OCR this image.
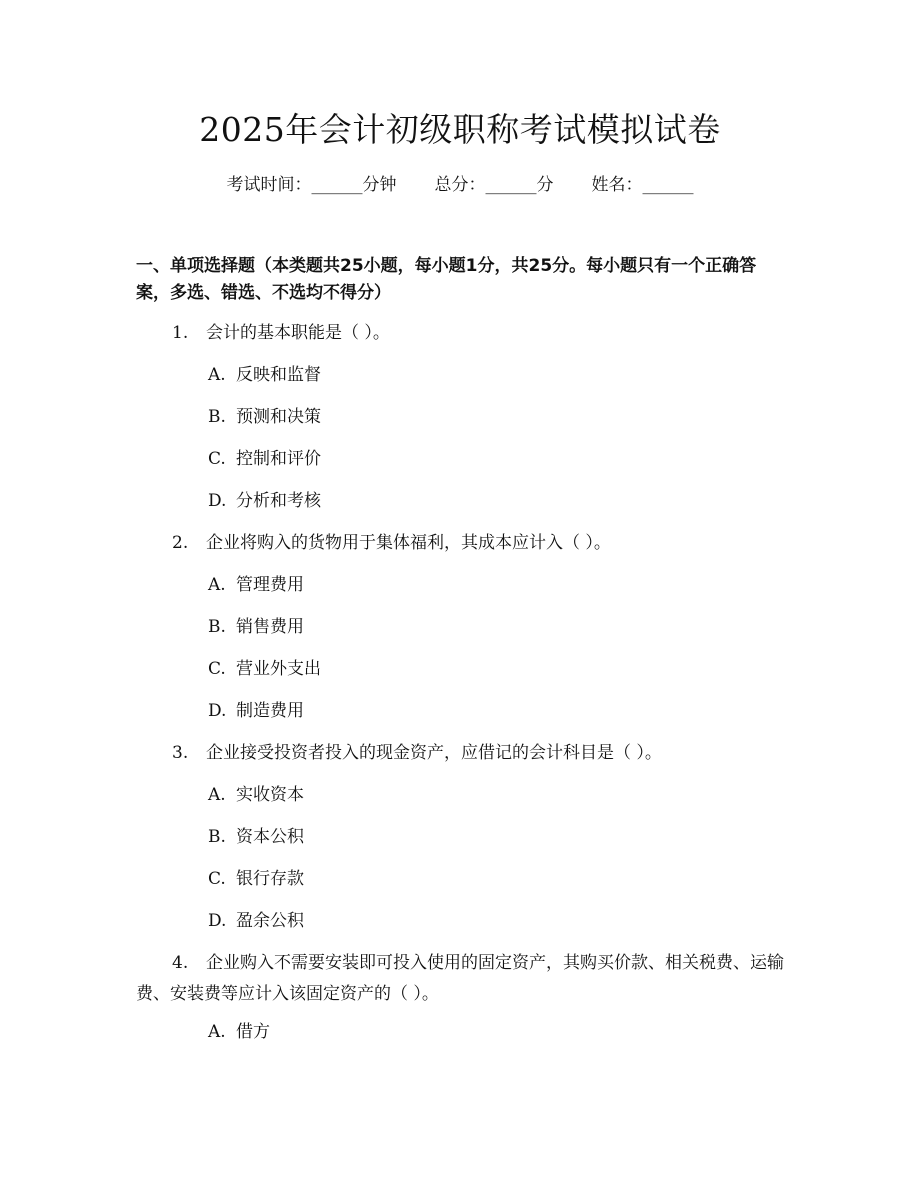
2025年会计初级职称考试模拟试卷
考试时间：______分钟 总分：______分 姓名：______
一、单项选择题（本类题共25小题，每小题1分，共25分。每小题只有一个正确答案，多选、错选、不选均不得分）
1. 会计的基本职能是（ ）。
A. 反映和监督
B. 预测和决策
C. 控制和评价
D. 分析和考核
2. 企业将购入的货物用于集体福利，其成本应计入（ ）。
A. 管理费用
B. 销售费用
C. 营业外支出
D. 制造费用
3. 企业接受投资者投入的现金资产，应借记的会计科目是（ ）。
A. 实收资本
B. 资本公积
C. 银行存款
D. 盈余公积
4. 企业购入不需要安装即可投入使用的固定资产，其购买价款、相关税费、运输费、安装费等应计入该固定资产的（ ）。
A. 借方
